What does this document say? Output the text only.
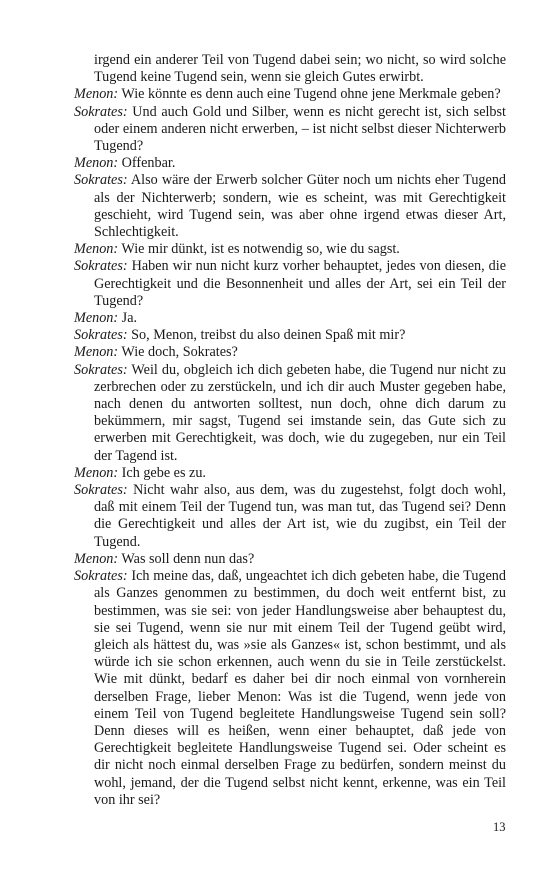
irgend ein anderer Teil von Tugend dabei sein; wo nicht, so wird solche Tugend keine Tugend sein, wenn sie gleich Gutes erwirbt.

Menon: Wie könnte es denn auch eine Tugend ohne jene Merkmale geben?

Sokrates: Und auch Gold und Silber, wenn es nicht gerecht ist, sich selbst oder einem anderen nicht erwerben, – ist nicht selbst dieser Nichterwerb Tugend?

Menon: Offenbar.

Sokrates: Also wäre der Erwerb solcher Güter noch um nichts eher Tugend als der Nichterwerb; sondern, wie es scheint, was mit Gerechtigkeit geschieht, wird Tugend sein, was aber ohne irgend etwas dieser Art, Schlechtigkeit.

Menon: Wie mir dünkt, ist es notwendig so, wie du sagst.

Sokrates: Haben wir nun nicht kurz vorher behauptet, jedes von diesen, die Gerechtigkeit und die Besonnenheit und alles der Art, sei ein Teil der Tugend?

Menon: Ja.

Sokrates: So, Menon, treibst du also deinen Spaß mit mir?

Menon: Wie doch, Sokrates?

Sokrates: Weil du, obgleich ich dich gebeten habe, die Tugend nur nicht zu zerbrechen oder zu zerstückeln, und ich dir auch Muster gegeben habe, nach denen du antworten solltest, nun doch, ohne dich darum zu bekümmern, mir sagst, Tugend sei imstande sein, das Gute sich zu erwerben mit Gerechtigkeit, was doch, wie du zugegeben, nur ein Teil der Tagend ist.

Menon: Ich gebe es zu.

Sokrates: Nicht wahr also, aus dem, was du zugestehst, folgt doch wohl, daß mit einem Teil der Tugend tun, was man tut, das Tugend sei? Denn die Gerechtigkeit und alles der Art ist, wie du zugibst, ein Teil der Tugend.

Menon: Was soll denn nun das?

Sokrates: Ich meine das, daß, ungeachtet ich dich gebeten habe, die Tugend als Ganzes genommen zu bestimmen, du doch weit entfernt bist, zu bestimmen, was sie sei: von jeder Handlungsweise aber behauptest du, sie sei Tugend, wenn sie nur mit einem Teil der Tugend geübt wird, gleich als hättest du, was »sie als Ganzes« ist, schon bestimmt, und als würde ich sie schon erkennen, auch wenn du sie in Teile zerstückelst. Wie mit dünkt, bedarf es daher bei dir noch einmal von vornherein derselben Frage, lieber Menon: Was ist die Tugend, wenn jede von einem Teil von Tugend begleitete Handlungsweise Tugend sein soll? Denn dieses will es heißen, wenn einer behauptet, daß jede von Gerechtigkeit begleitete Handlungsweise Tugend sei. Oder scheint es dir nicht noch einmal derselben Frage zu bedürfen, sondern meinst du wohl, jemand, der die Tugend selbst nicht kennt, erkenne, was ein Teil von ihr sei?

13
